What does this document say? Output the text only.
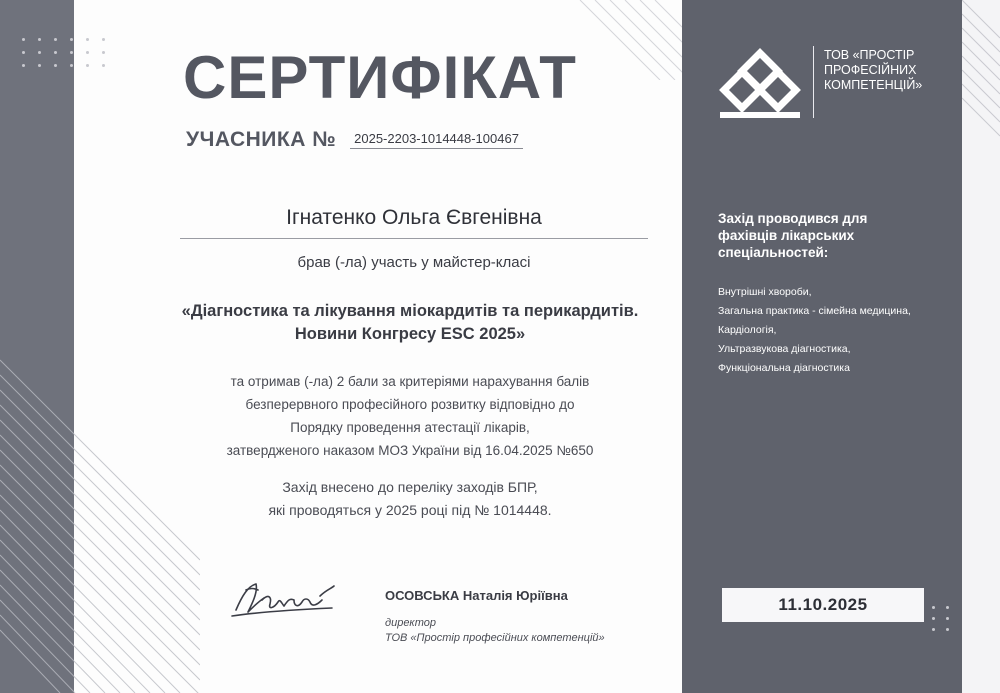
ТОВ «ПРОСТІР
ПРОФЕСІЙНИХ
КОМПЕТЕНЦІЙ»
Захід проводився для
фахівців лікарських
спеціальностей:
Внутрішні хвороби,
Загальна практика - сімейна медицина,
Кардіологія,
Ультразвукова діагностика,
Функціональна діагностика
11.10.2025
СЕРТИФІКАТ
УЧАСНИКА №	2025-2203-1014448-100467
Ігнатенко Ольга Євгенівна
брав (-ла) участь у майстер-класі
«Діагностика та лікування міокардитів та перикардитів.
Новини Конгресу ESC 2025»
та отримав (-ла) 2 бали за критеріями нарахування балів
безперервного професійного розвитку відповідно до
Порядку проведення атестації лікарів,
затвердженого наказом МОЗ України від 16.04.2025 №650
Захід внесено до переліку заходів БПР,
які проводяться у 2025 році під № 1014448.
ОСОВСЬКА Наталія Юріївна
директор
ТОВ «Простір професійних компетенцій»
